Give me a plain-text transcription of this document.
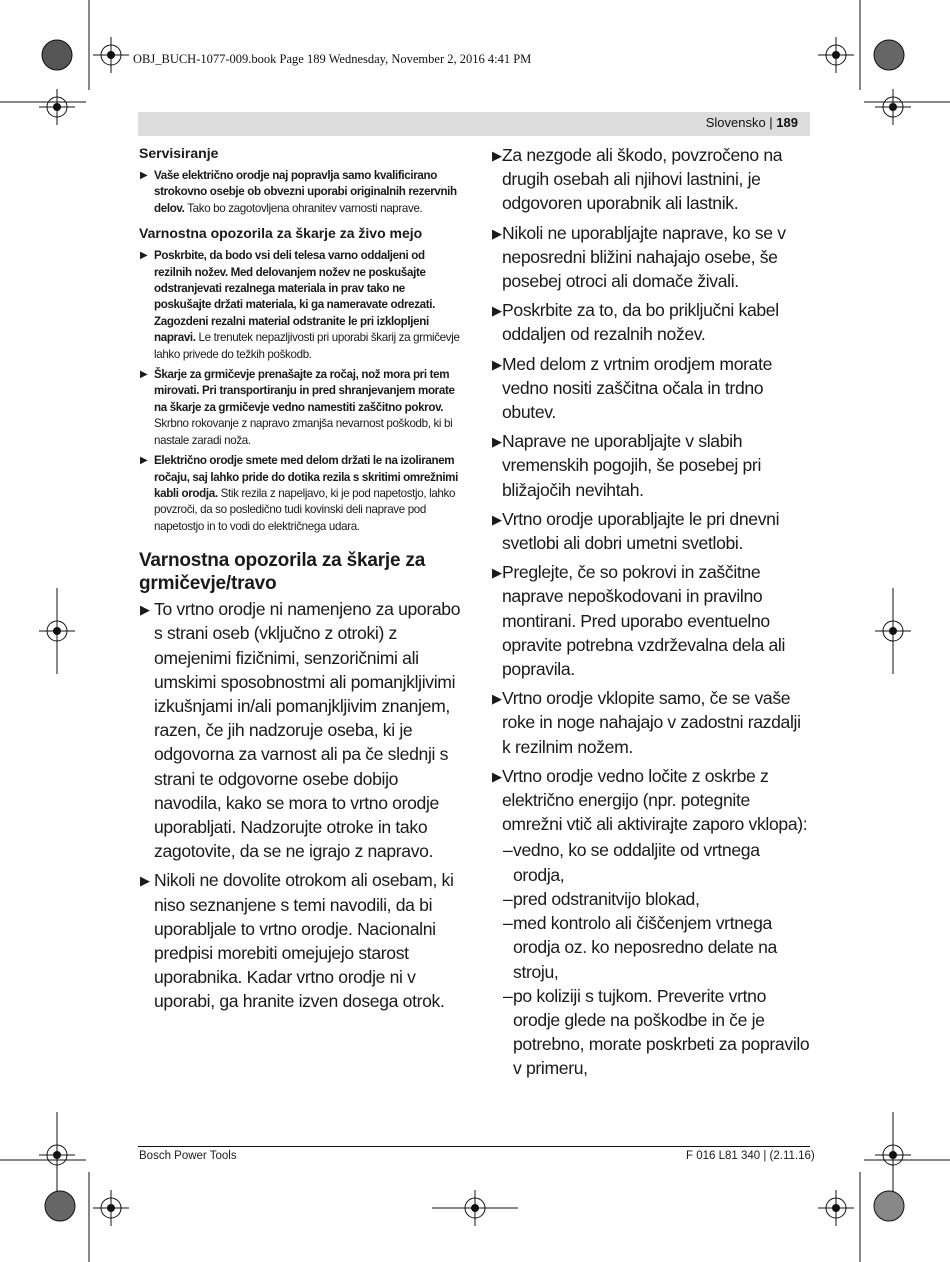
OBJ_BUCH-1077-009.book Page 189 Wednesday, November 2, 2016 4:41 PM
Slovensko | 189
Servisiranje
▶ Vaše električno orodje naj popravlja samo kvalificirano strokovno osebje ob obvezni uporabi originalnih rezervnih delov. Tako bo zagotovljena ohranitev varnosti naprave.
Varnostna opozorila za škarje za živo mejo
▶ Poskrbite, da bodo vsi deli telesa varno oddaljeni od rezilnih nožev. Med delovanjem nožev ne poskušajte odstranjevati rezalnega materiala in prav tako ne poskušajte držati materiala, ki ga nameravate odrezati. Zagozdeni rezalni material odstranite le pri izklopljeni napravi. Le trenutek nepazljivosti pri uporabi škarij za grmičevje lahko privede do težkih poškodb.
▶ Škarje za grmičevje prenašajte za ročaj, nož mora pri tem mirovati. Pri transportiranju in pred shranjevanjem morate na škarje za grmičevje vedno namestiti zaščitno pokrov. Skrbno rokovanje z napravo zmanjša nevarnost poškodb, ki bi nastale zaradi noža.
▶ Električno orodje smete med delom držati le na izoliranem ročaju, saj lahko pride do dotika rezila s skritimi omrežnimi kabli orodja. Stik rezila z napeljavo, ki je pod napetostjo, lahko povzroči, da so posledično tudi kovinski deli naprave pod napetostjo in to vodi do električnega udara.
Varnostna opozorila za škarje za grmičevje/travo
▶ To vrtno orodje ni namenjeno za uporabo s strani oseb (vključno z otroki) z omejenimi fizičnimi, senzoričnimi ali umskimi sposobnostmi ali pomanjkljivimi izkušnjami in/ali pomanjkljivim znanjem, razen, če jih nadzoruje oseba, ki je odgovorna za varnost ali pa če slednji s strani te odgovorne osebe dobijo navodila, kako se mora to vrtno orodje uporabljati. Nadzorujte otroke in tako zagotovite, da se ne igrajo z napravo.
▶ Nikoli ne dovolite otrokom ali osebam, ki niso seznanjene s temi navodili, da bi uporabljale to vrtno orodje. Nacionalni predpisi morebiti omejujejo starost uporabnika. Kadar vrtno orodje ni v uporabi, ga hranite izven dosega otrok.
▶ Za nezgode ali škodo, povzročeno na drugih osebah ali njihovi lastnini, je odgovoren uporabnik ali lastnik.
▶ Nikoli ne uporabljajte naprave, ko se v neposredni bližini nahajajo osebe, še posebej otroci ali domače živali.
▶ Poskrbite za to, da bo priključni kabel oddaljen od rezalnih nožev.
▶ Med delom z vrtnim orodjem morate vedno nositi zaščitna očala in trdno obutev.
▶ Naprave ne uporabljajte v slabih vremenskih pogojih, še posebej pri bližajočih nevihtah.
▶ Vrtno orodje uporabljajte le pri dnevni svetlobi ali dobri umetni svetlobi.
▶ Preglejte, če so pokrovi in zaščitne naprave nepoškodovani in pravilno montirani. Pred uporabo eventuelno opravite potrebna vzdrževalna dela ali popravila.
▶ Vrtno orodje vklopite samo, če se vaše roke in noge nahajajo v zadostni razdalji k rezilnim nožem.
▶ Vrtno orodje vedno ločite z oskrbe z električno energijo (npr. potegnite omrežni vtič ali aktivirajte zaporo vklopa):
– vedno, ko se oddaljite od vrtnega orodja,
– pred odstranitvijo blokad,
– med kontrolo ali čiščenjem vrtnega orodja oz. ko neposredno delate na stroju,
– po koliziji s tujkom. Preverite vrtno orodje glede na poškodbe in če je potrebno, morate poskrbeti za popravilo v primeru,
Bosch Power Tools	F 016 L81 340 | (2.11.16)
